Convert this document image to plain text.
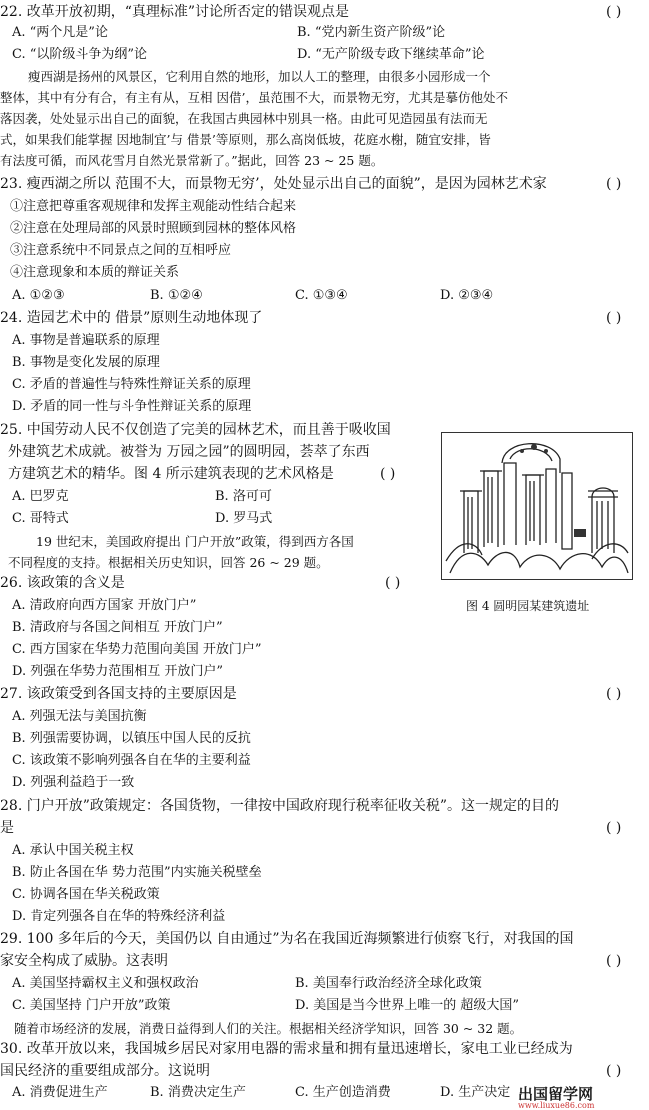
22. 改革开放初期，“真理标准”讨论所否定的错误观点是	( )
A. “两个凡是”论	B. “党内新生资产阶级”论
C. “以阶级斗争为纲”论	D. “无产阶级专政下继续革命”论
瘦西湖是扬州的风景区，它利用自然的地形，加以人工的整理，由很多小园形成一个
整体，其中有分有合，有主有从，互相 因借’，虽范围不大，而景物无穷，尤其是摹仿他处不
落因袭，处处显示出自己的面貌，在我国古典园林中别具一格。由此可见造园虽有法而无
式，如果我们能掌握 因地制宜’与 借景’等原则，那么高岗低坡，花庭水榭，随宜安排，皆
有法度可循，而风花雪月自然光景常新了。”据此，回答 23 ~ 25 题。
23. 瘦西湖之所以 范围不大，而景物无穷’，处处显示出自己的面貌”，是因为园林艺术家	( )
①注意把尊重客观规律和发挥主观能动性结合起来
②注意在处理局部的风景时照顾到园林的整体风格
③注意系统中不同景点之间的互相呼应
④注意现象和本质的辩证关系
A. ①②③	B. ①②④	C. ①③④	D. ②③④
24. 造园艺术中的 借景”原则生动地体现了	( )
A. 事物是普遍联系的原理
B. 事物是变化发展的原理
C. 矛盾的普遍性与特殊性辩证关系的原理
D. 矛盾的同一性与斗争性辩证关系的原理
25. 中国劳动人民不仅创造了完美的园林艺术，而且善于吸收国
外建筑艺术成就。被誉为 万园之园”的圆明园，荟萃了东西
方建筑艺术的精华。图 4 所示建筑表现的艺术风格是	( )
A. 巴罗克	B. 洛可可
C. 哥特式	D. 罗马式
19 世纪末，美国政府提出 门户开放”政策，得到西方各国
不同程度的支持。根据相关历史知识，回答 26 ~ 29 题。
图 4 圆明园某建筑遗址
26. 该政策的含义是	( )
A. 清政府向西方国家 开放门户”
B. 清政府与各国之间相互 开放门户”
C. 西方国家在华势力范围向美国 开放门户”
D. 列强在华势力范围相互 开放门户”
27. 该政策受到各国支持的主要原因是	( )
A. 列强无法与美国抗衡
B. 列强需要协调，以镇压中国人民的反抗
C. 该政策不影响列强各自在华的主要利益
D. 列强利益趋于一致
28. 门户开放”政策规定：各国货物，一律按中国政府现行税率征收关税”。这一规定的目的
是	( )
A. 承认中国关税主权
B. 防止各国在华 势力范围”内实施关税壁垒
C. 协调各国在华关税政策
D. 肯定列强各自在华的特殊经济利益
29. 100 多年后的今天，美国仍以 自由通过”为名在我国近海频繁进行侦察飞行，对我国的国
家安全构成了威胁。这表明	( )
A. 美国坚持霸权主义和强权政治	B. 美国奉行政治经济全球化政策
C. 美国坚持 门户开放”政策	D. 美国是当今世界上唯一的 超级大国”
随着市场经济的发展，消费日益得到人们的关注。根据相关经济学知识，回答 30 ~ 32 题。
30. 改革开放以来，我国城乡居民对家用电器的需求量和拥有量迅速增长，家电工业已经成为
国民经济的重要组成部分。这说明	( )
A. 消费促进生产	B. 消费决定生产	C. 生产创造消费	D. 生产决定 出国留学网
www.liuxue86.com
